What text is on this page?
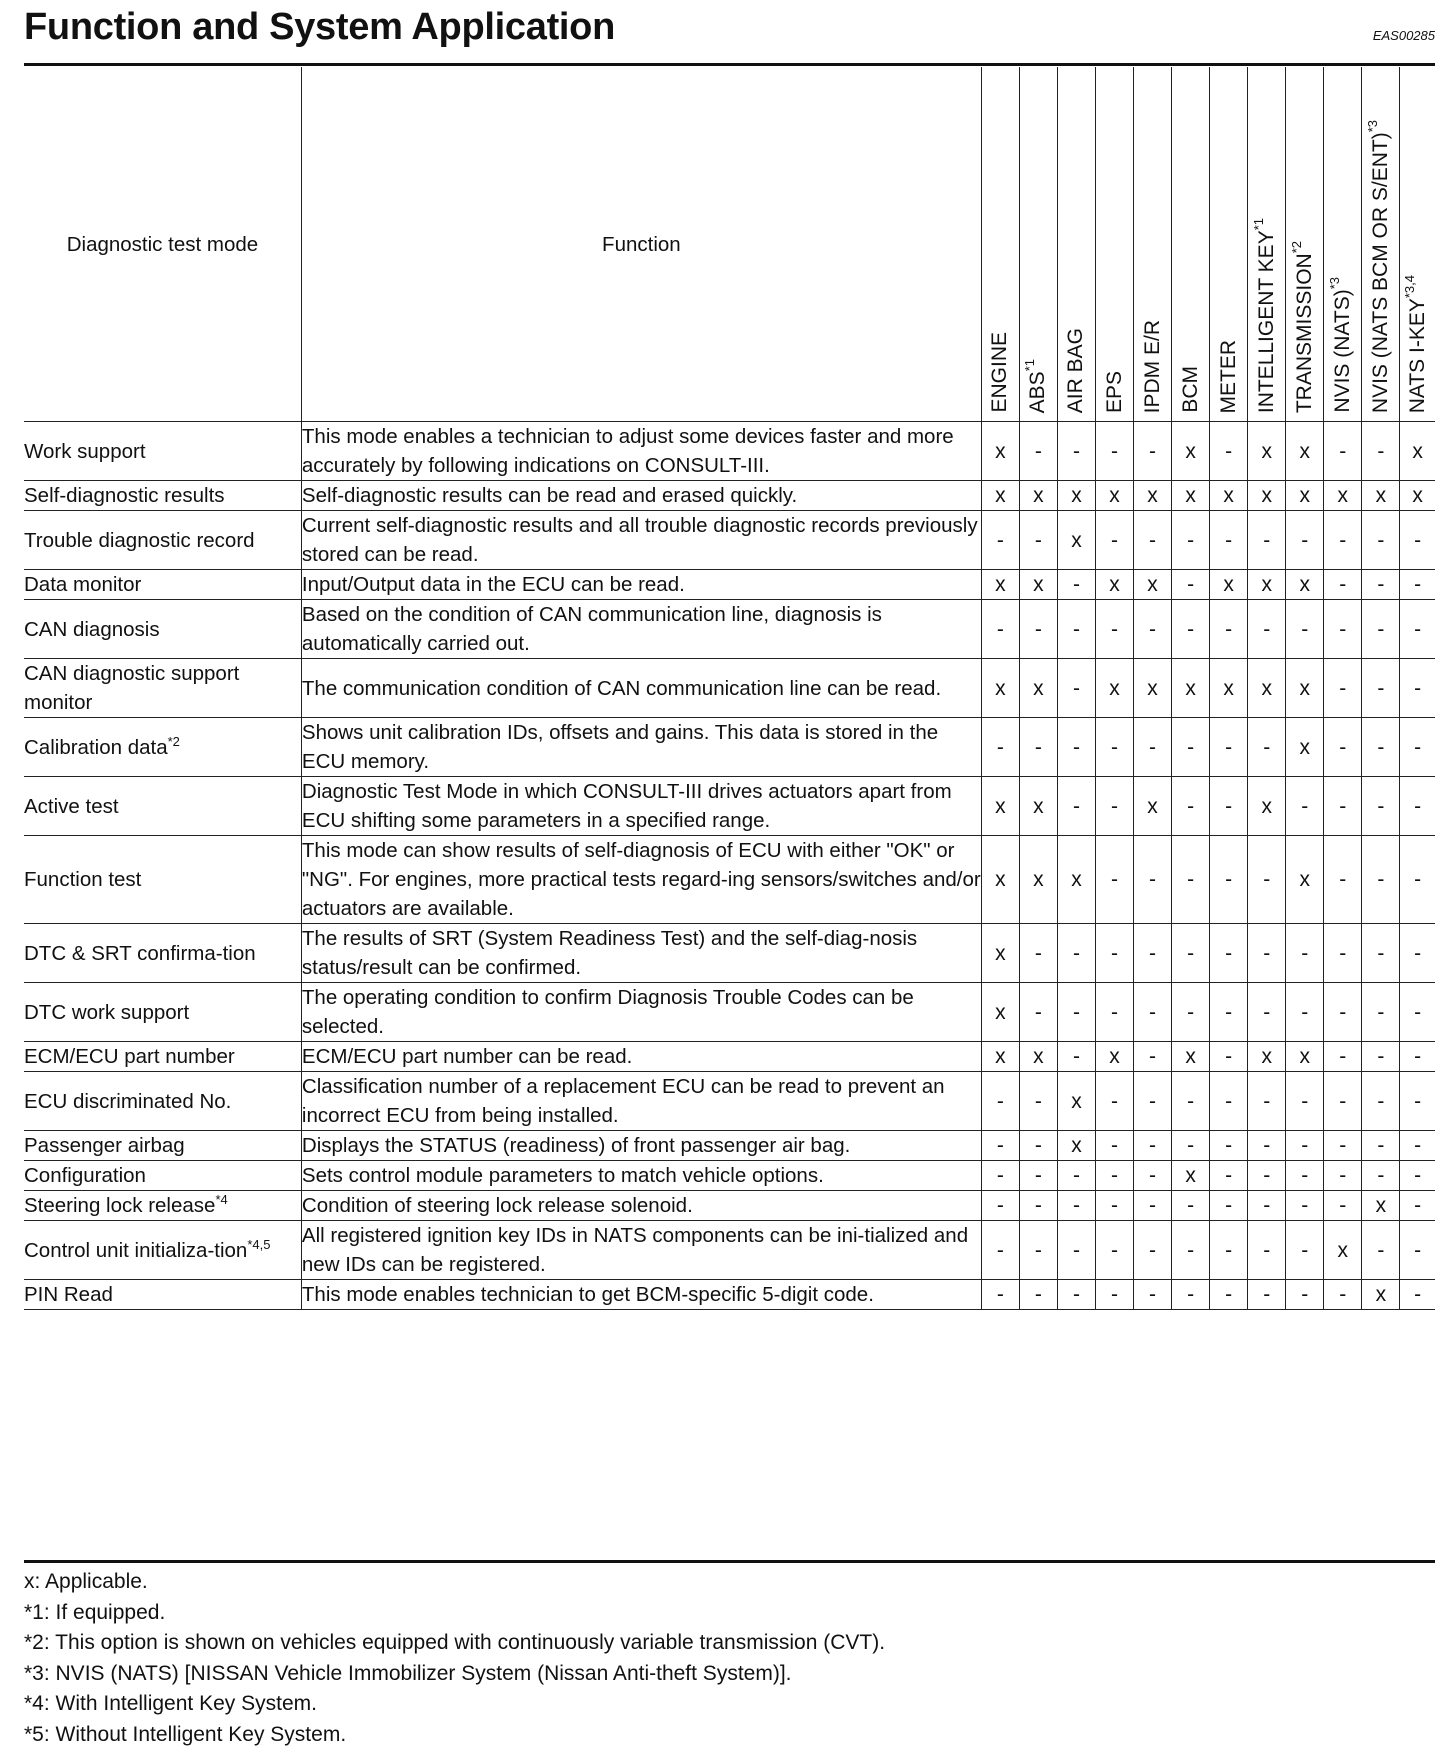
Function and System Application	EAS00285
Diagnostic test mode	Function	ENGINE	ABS$^{*1}$	AIR BAG	EPS	IPDM E/R	BCM	METER	INTELLIGENT KEY$^{*1}$	TRANSMISSION$^{*2}$	NVIS (NATS)$^{*3}$	NVIS (NATS BCM OR S/ENT)$^{*3}$	NATS I-KEY$^{*3,4}$
Work support	This mode enables a technician to adjust some devices faster and more accurately by following indications on CONSULT-III.	x	-	-	-	-	x	-	x	x	-	-	x
Self-diagnostic results	Self-diagnostic results can be read and erased quickly.	x	x	x	x	x	x	x	x	x	x	x	x
Trouble diagnostic record	Current self-diagnostic results and all trouble diagnostic records previously stored can be read.	-	-	x	-	-	-	-	-	-	-	-	-
Data monitor	Input/Output data in the ECU can be read.	x	x	-	x	x	-	x	x	x	-	-	-
CAN diagnosis	Based on the condition of CAN communication line, diagnosis is automatically carried out.	-	-	-	-	-	-	-	-	-	-	-	-
CAN diagnostic support monitor	The communication condition of CAN communication line can be read.	x	x	-	x	x	x	x	x	x	-	-	-
Calibration data$^{*2}$	Shows unit calibration IDs, offsets and gains. This data is stored in the ECU memory.	-	-	-	-	-	-	-	-	x	-	-	-
Active test	Diagnostic Test Mode in which CONSULT-III drives actuators apart from ECU shifting some parameters in a specified range.	x	x	-	-	x	-	-	x	-	-	-	-
Function test	This mode can show results of self-diagnosis of ECU with either "OK" or "NG". For engines, more practical tests regard-ing sensors/switches and/or actuators are available.	x	x	x	-	-	-	-	-	x	-	-	-
DTC & SRT confirma-tion	The results of SRT (System Readiness Test) and the self-diag-nosis status/result can be confirmed.	x	-	-	-	-	-	-	-	-	-	-	-
DTC work support	The operating condition to confirm Diagnosis Trouble Codes can be selected.	x	-	-	-	-	-	-	-	-	-	-	-
ECM/ECU part number	ECM/ECU part number can be read.	x	x	-	x	-	x	-	x	x	-	-	-
ECU discriminated No.	Classification number of a replacement ECU can be read to prevent an incorrect ECU from being installed.	-	-	x	-	-	-	-	-	-	-	-	-
Passenger airbag	Displays the STATUS (readiness) of front passenger air bag.	-	-	x	-	-	-	-	-	-	-	-	-
Configuration	Sets control module parameters to match vehicle options.	-	-	-	-	-	x	-	-	-	-	-	-
Steering lock release$^{*4}$	Condition of steering lock release solenoid.	-	-	-	-	-	-	-	-	-	-	x	-
Control unit initializa-tion$^{*4,5}$	All registered ignition key IDs in NATS components can be ini-tialized and new IDs can be registered.	-	-	-	-	-	-	-	-	-	x	-	-
PIN Read	This mode enables technician to get BCM-specific 5-digit code.	-	-	-	-	-	-	-	-	-	-	x	-
x: Applicable.
*1: If equipped.
*2: This option is shown on vehicles equipped with continuously variable transmission (CVT).
*3: NVIS (NATS) [NISSAN Vehicle Immobilizer System (Nissan Anti-theft System)].
*4: With Intelligent Key System.
*5: Without Intelligent Key System.
